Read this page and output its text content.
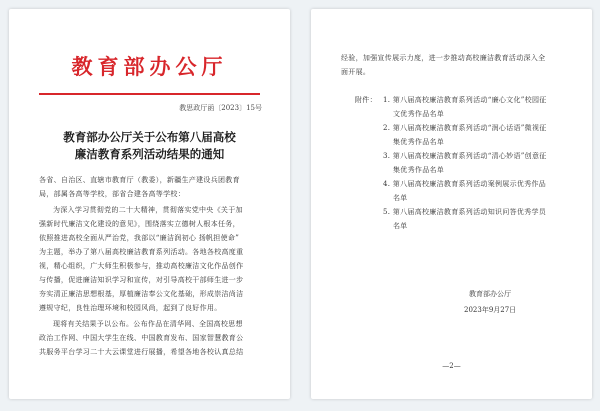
教育部办公厅
教思政厅函〔2023〕15号
教育部办公厅关于公布第八届高校
廉洁教育系列活动结果的通知
各省、自治区、直辖市教育厅（教委），新疆生产建设兵团教育
局，部属各高等学校，部省合建各高等学校：
为深入学习贯彻党的二十大精神，贯彻落实党中央《关于加
强新时代廉洁文化建设的意见》，围绕落实立德树人根本任务，
依照推进高校全面从严治党，我部以“廉洁润初心 扬帆担使命”
为主题，举办了第八届高校廉洁教育系列活动。各地各校高度重
视，精心组织，广大师生积极参与，推动高校廉洁文化作品创作
与传播，促进廉洁知识学习和宣传，对引导高校干部师生进一步
夯实清正廉洁思想根基，厚植廉洁奉公文化基础，形成崇洁尚洁
遵规守纪，良性治理环境和校园风尚，起到了良好作用。
现将有关结果予以公布。公布作品在清华网、全国高校思想
政治工作网、中国大学生在线、中国教育发布、国家智慧教育公
共服务平台学习二十大云课堂进行展播，希望各地各校认真总结
经验，加强宣传展示力度，进一步推动高校廉洁教育活动深入全
面开展。
附件： 1. 第八届高校廉洁教育系列活动“廉心文化”校园征
文优秀作品名单
2. 第八届高校廉洁教育系列活动“润心话语”微视征
集优秀作品名单
3. 第八届高校廉洁教育系列活动“清心妙语”创意征
集优秀作品名单
4. 第八届高校廉洁教育系列活动案例展示优秀作品
名单
5. 第八届高校廉洁教育系列活动知识问答优秀学员
名单
教育部办公厅
2023年9月27日
—2—
